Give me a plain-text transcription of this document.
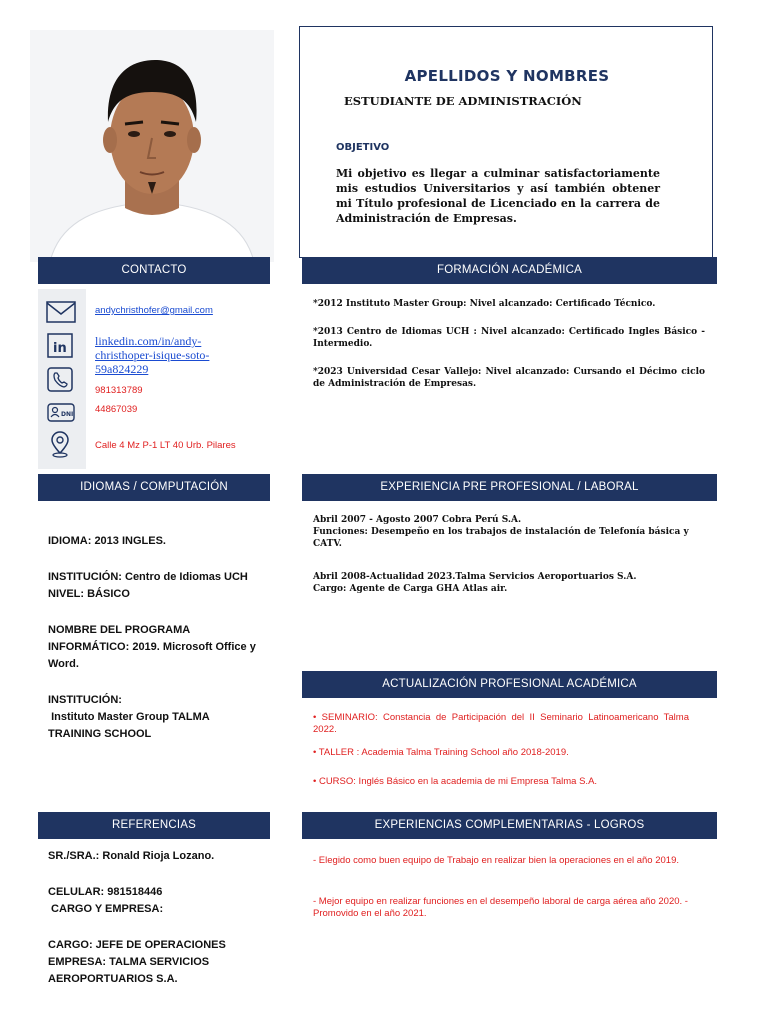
APELLIDOS Y NOMBRES
ESTUDIANTE DE ADMINISTRACIÓN
OBJETIVO
Mi objetivo es llegar a culminar satisfactoriamente mis estudios Universitarios y así también obtener mi Título profesional de Licenciado en la carrera de Administración de Empresas.
CONTACTO	FORMACIÓN ACADÉMICA
IDIOMAS / COMPUTACIÓN	EXPERIENCIA PRE PROFESIONAL / LABORAL
ACTUALIZACIÓN PROFESIONAL ACADÉMICA
REFERENCIAS	EXPERIENCIAS COMPLEMENTARIAS - LOGROS
in
DNI
andychristhofer@gmail.com
linkedin.com/in/andy-christhoper-isique-soto-59a824229
981313789
44867039
Calle 4 Mz P-1 LT 40 Urb. Pilares
*2012 Instituto Master Group: Nivel alcanzado: Certificado Técnico.
*2013 Centro de Idiomas UCH : Nivel alcanzado: Certificado Ingles Básico - Intermedio.
*2023 Universidad Cesar Vallejo: Nivel alcanzado: Cursando el Décimo ciclo de Administración de Empresas.
IDIOMA: 2013 INGLES.
INSTITUCIÓN: Centro de Idiomas UCH
NIVEL: BÁSICO
NOMBRE DEL PROGRAMA INFORMÁTICO: 2019. Microsoft Office y Word.
INSTITUCIÓN:
Instituto Master Group TALMA TRAINING SCHOOL
Abril 2007 - Agosto 2007 Cobra Perú S.A.
Funciones: Desempeño en los trabajos de instalación de Telefonía básica y CATV.
Abril 2008-Actualidad 2023.Talma Servicios Aeroportuarios S.A.
Cargo: Agente de Carga GHA Atlas air.
• SEMINARIO: Constancia de Participación del II Seminario Latinoamericano Talma 2022.
• TALLER : Academia Talma Training School año 2018-2019.
• CURSO: Inglés Básico en la academia de mi Empresa Talma S.A.
SR./SRA.: Ronald Rioja Lozano.
CELULAR: 981518446
CARGO Y EMPRESA:
CARGO: JEFE DE OPERACIONES
EMPRESA: TALMA SERVICIOS AEROPORTUARIOS S.A.
- Elegido como buen equipo de Trabajo en realizar bien la operaciones en el año 2019.
- Mejor equipo en realizar funciones en el desempeño laboral de carga aérea año 2020. - Promovido en el año 2021.
